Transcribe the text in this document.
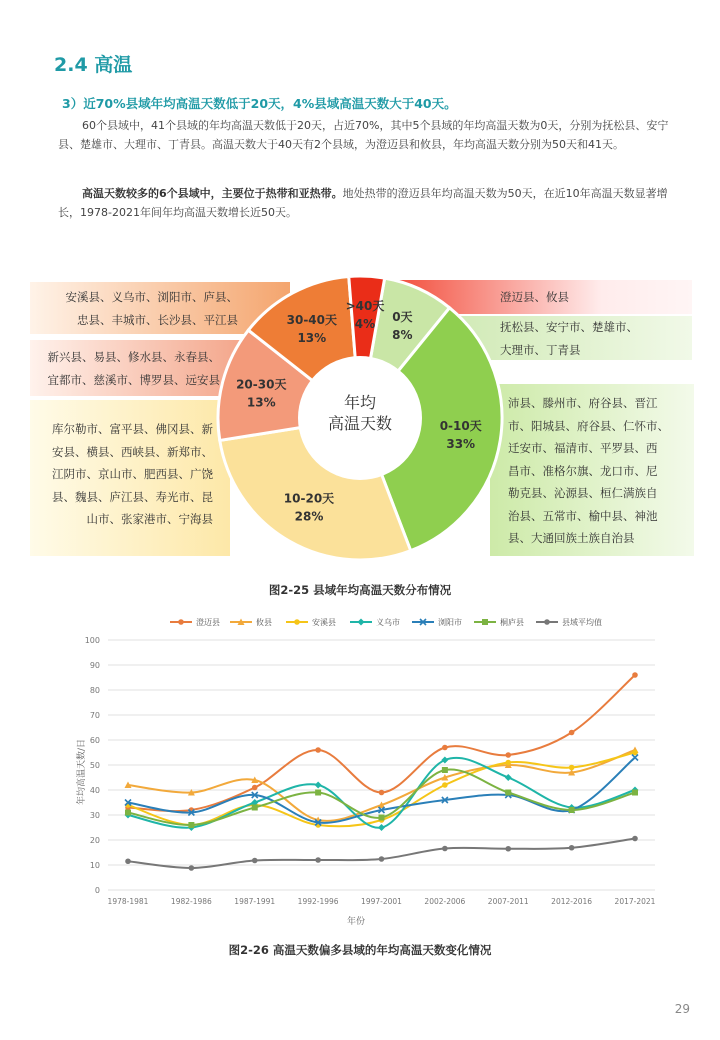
2.4 高温
3）近70%县域年均高温天数低于20天，4%县域高温天数大于40天。

60个县域中，41个县域的年均高温天数低于20天，占近70%，其中5个县域的年均高温天数为0天，分别为抚松县、安宁县、楚雄市、大理市、丁青县。高温天数大于40天有2个县域，为澄迈县和攸县，年均高温天数分别为50天和41天。

高温天数较多的6个县域中，主要位于热带和亚热带。地处热带的澄迈县年均高温天数为50天，在近10年高温天数显著增长，1978-2021年间年均高温天数增长近50天。

年均
高温天数
0天
8%
0-10天
33%
10-20天
28%
20-30天
13%
30-40天
13%
>40天
4%
安溪县、义乌市、浏阳市、庐县、
忠县、丰城市、长沙县、平江县
新兴县、易县、修水县、永春县、
宜都市、慈溪市、博罗县、远安县
库尔勒市、富平县、佛冈县、新
安县、横县、西峡县、新郑市、
江阴市、京山市、肥西县、广饶
县、魏县、庐江县、寿光市、昆
山市、张家港市、宁海县
澄迈县、攸县
抚松县、安宁市、楚雄市、
大理市、丁青县
沛县、滕州市、府谷县、晋江
市、阳城县、府谷县、仁怀市、
迁安市、福清市、平罗县、西
昌市、准格尔旗、龙口市、尼
勒克县、沁源县、桓仁满族自
治县、五常市、榆中县、神池
县、大通回族土族自治县
图2-25 县域年均高温天数分布情况
0
10
20
30
40
50
60
70
80
90
100
1978-1981	1982-1986	1987-1991	1992-1996	1997-2001	2002-2006	2007-2011	2012-2016	2017-2021
澄迈县	攸县	安溪县	义乌市	浏阳市	桐庐县	县域平均值
年均高温天数/日
年份
图2-26 高温天数偏多县域的年均高温天数变化情况
29
